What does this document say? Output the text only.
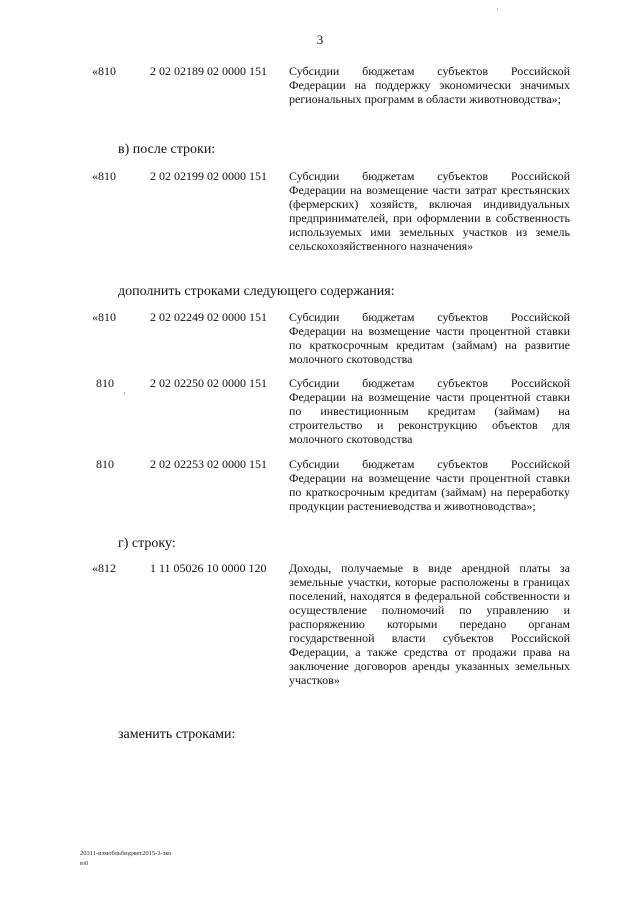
3
·
«810	2 02 02189 02 0000 151 Субсидии бюджетам субъектов Российской Федерации на поддержку экономически значимых региональных программ в области животноводства»;
в) после строки:
«810	2 02 02199 02 0000 151 Субсидии бюджетам субъектов Российской Федерации на возмещение части затрат крестьянских (фермерских) хозяйств, включая индивидуальных предпринимателей, при оформлении в собственность используемых ими земельных участков из земель сельскохозяйственного назначения»
дополнить строками следующего содержания:
«810	2 02 02249 02 0000 151 Субсидии бюджетам субъектов Российской Федерации на возмещение части процентной ставки по краткосрочным кредитам (займам) на развитие молочного скотоводства
810	2 02 02250 02 0000 151 Субсидии бюджетам субъектов Российской Федерации на возмещение части процентной ставки по инвестиционным кредитам (займам) на строительство и реконструкцию объектов для молочного скотоводства
'
810	2 02 02253 02 0000 151 Субсидии бюджетам субъектов Российской Федерации на возмещение части процентной ставки по краткосрочным кредитам (займам) на переработку продукции растениеводства и животноводства»;
г) строку:
«812	1 11 05026 10 0000 120 Доходы, получаемые в виде арендной платы за земельные участки, которые расположены в границах поселений, находятся в федеральной собственности и осуществление полномочий по управлению и распоряжению которыми передано органам государственной власти субъектов Российской Федерации, а также средства от продажи права на заключение договоров аренды указанных земельных участков»
заменить строками:
20311-измобльбюджет2015-3-зко
ю0
